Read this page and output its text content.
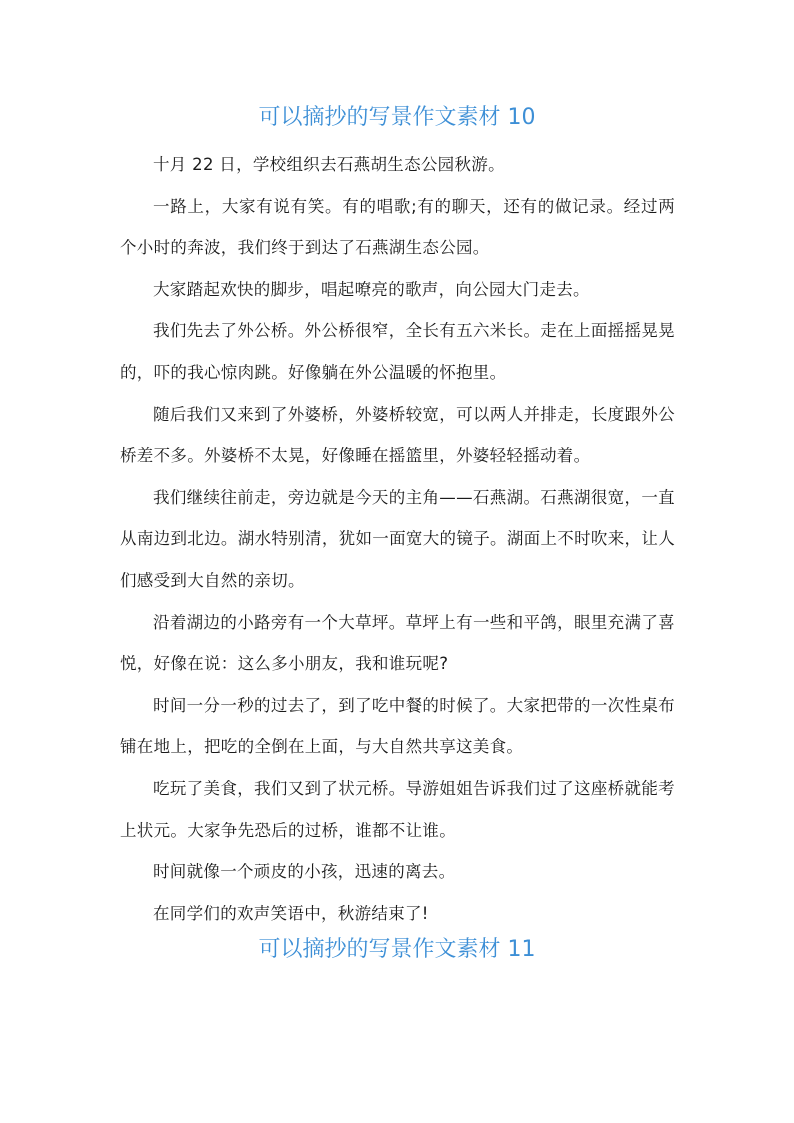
可以摘抄的写景作文素材 10

十月 22 日，学校组织去石燕胡生态公园秋游。

一路上，大家有说有笑。有的唱歌;有的聊天，还有的做记录。经过两个小时的奔波，我们终于到达了石燕湖生态公园。

大家踏起欢快的脚步，唱起嘹亮的歌声，向公园大门走去。

我们先去了外公桥。外公桥很窄，全长有五六米长。走在上面摇摇晃晃的，吓的我心惊肉跳。好像躺在外公温暖的怀抱里。

随后我们又来到了外婆桥，外婆桥较宽，可以两人并排走，长度跟外公桥差不多。外婆桥不太晃，好像睡在摇篮里，外婆轻轻摇动着。

我们继续往前走，旁边就是今天的主角——石燕湖。石燕湖很宽，一直从南边到北边。湖水特别清，犹如一面宽大的镜子。湖面上不时吹来，让人们感受到大自然的亲切。

沿着湖边的小路旁有一个大草坪。草坪上有一些和平鸽，眼里充满了喜悦，好像在说：这么多小朋友，我和谁玩呢?

时间一分一秒的过去了，到了吃中餐的时候了。大家把带的一次性桌布铺在地上，把吃的全倒在上面，与大自然共享这美食。

吃玩了美食，我们又到了状元桥。导游姐姐告诉我们过了这座桥就能考上状元。大家争先恐后的过桥，谁都不让谁。

时间就像一个顽皮的小孩，迅速的离去。

在同学们的欢声笑语中，秋游结束了!

可以摘抄的写景作文素材 11
